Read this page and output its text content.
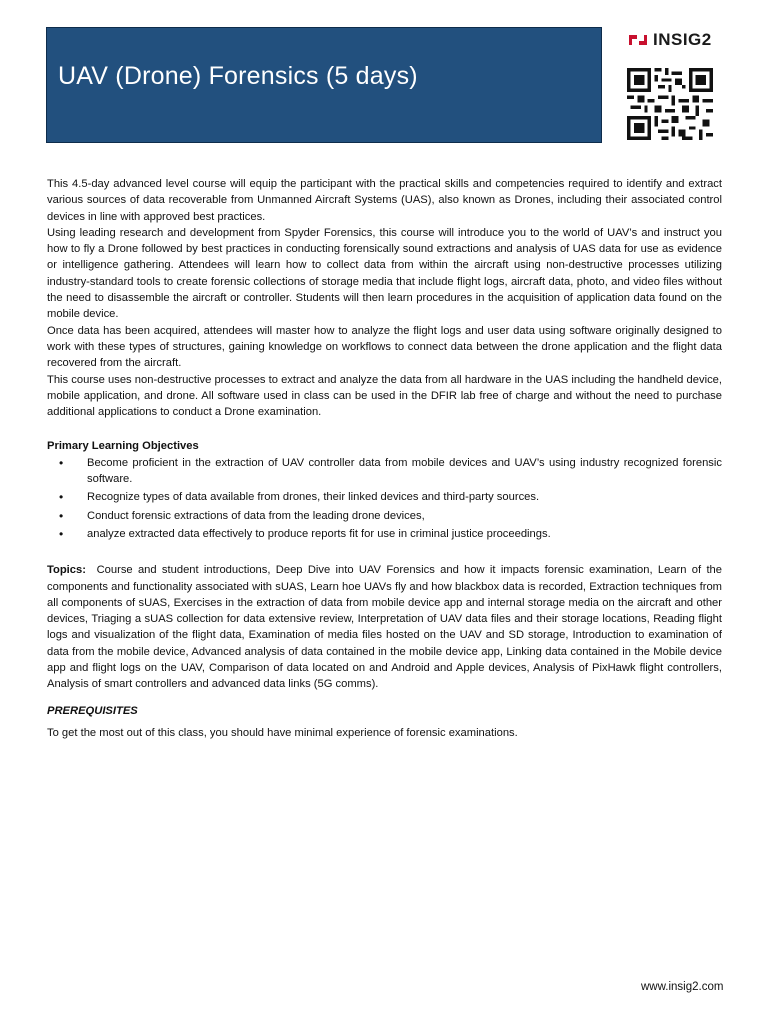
UAV (Drone) Forensics (5 days)
INSIG2

This 4.5-day advanced level course will equip the participant with the practical skills and competencies required to identify and extract various sources of data recoverable from Unmanned Aircraft Systems (UAS), also known as Drones, including their associated control devices in line with approved best practices.

Using leading research and development from Spyder Forensics, this course will introduce you to the world of UAV’s and instruct you how to fly a Drone followed by best practices in conducting forensically sound extractions and analysis of UAS data for use as evidence or intelligence gathering. Attendees will learn how to collect data from within the aircraft using non-destructive processes utilizing industry-standard tools to create forensic collections of storage media that include flight logs, aircraft data, photo, and video files without the need to disassemble the aircraft or controller. Students will then learn procedures in the acquisition of application data found on the mobile device.

Once data has been acquired, attendees will master how to analyze the flight logs and user data using software originally designed to work with these types of structures, gaining knowledge on workflows to connect data between the drone application and the flight data recovered from the aircraft.

This course uses non-destructive processes to extract and analyze the data from all hardware in the UAS including the handheld device, mobile application, and drone. All software used in class can be used in the DFIR lab free of charge and without the need to purchase additional applications to conduct a Drone examination.

Primary Learning Objectives
• Become proficient in the extraction of UAV controller data from mobile devices and UAV’s using industry recognized forensic software.
• Recognize types of data available from drones, their linked devices and third-party sources.
• Conduct forensic extractions of data from the leading drone devices,
• analyze extracted data effectively to produce reports fit for use in criminal justice proceedings.

Topics: Course and student introductions, Deep Dive into UAV Forensics and how it impacts forensic examination, Learn of the components and functionality associated with sUAS, Learn hoe UAVs fly and how blackbox data is recorded, Extraction techniques from all components of sUAS, Exercises in the extraction of data from mobile device app and internal storage media on the aircraft and other devices, Triaging a sUAS collection for data extensive review, Interpretation of UAV data files and their storage locations, Reading flight logs and visualization of the flight data, Examination of media files hosted on the UAV and SD storage, Introduction to examination of data from the mobile device, Advanced analysis of data contained in the mobile device app, Linking data contained in the Mobile device app and flight logs on the UAV, Comparison of data located on and Android and Apple devices, Analysis of PixHawk flight controllers, Analysis of smart controllers and advanced data links (5G comms).

PREREQUISITES

To get the most out of this class, you should have minimal experience of forensic examinations.

www.insig2.com
